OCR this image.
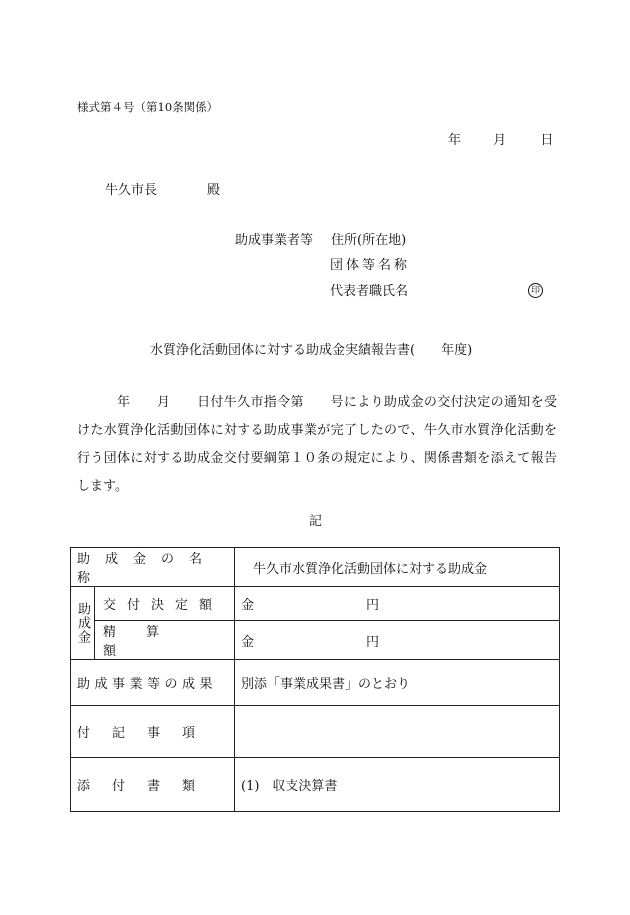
様式第４号（第10条関係）
年 月	日
牛久市長	殿
助成事業者等 住所(所在地)
団体等名称
代表者職氏名	印
水質浄化活動団体に対する助成金実績報告書(　　年度)
　　　年　　月　　日付牛久市指令第　　号により助成金の交付決定の通知を受けた水質浄化活動団体に対する助成事業が完了したので、牛久市水質浄化活動を行う団体に対する助成金交付要綱第１０条の規定により、関係書類を添えて報告します。
記
助成金の名称		牛久市水質浄化活動団体に対する助成金
助成金	交付決定額	金 円
	精算額	金 円
助成事業等の成果		別添「事業成果書」のとおり
付記事項		
添付書類		(1)　収支決算書
